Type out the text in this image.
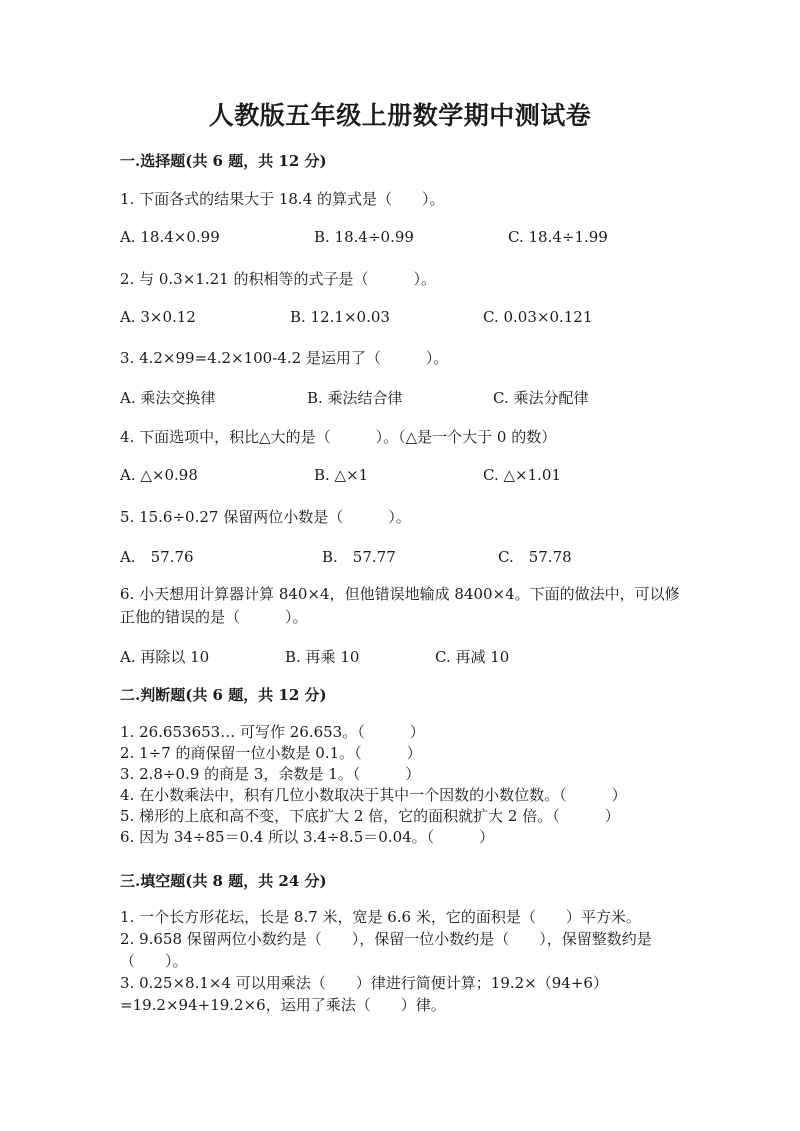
人教版五年级上册数学期中测试卷
一.选择题(共 6 题，共 12 分)
1. 下面各式的结果大于 18.4 的算式是（　　）。
A. 18.4×0.99	B. 18.4÷0.99	C. 18.4÷1.99
2. 与 0.3×1.21 的积相等的式子是（　　　）。
A. 3×0.12	B. 12.1×0.03	C. 0.03×0.121
3. 4.2×99=4.2×100-4.2 是运用了（　　　）。
A. 乘法交换律	B. 乘法结合律	C. 乘法分配律
4. 下面选项中，积比△大的是（　　　）。（△是一个大于 0 的数）
A. △×0.98	B. △×1	C. △×1.01
5. 15.6÷0.27 保留两位小数是（　　　）。
A.　57.76	B.　57.77	C.　57.78
6. 小天想用计算器计算 840×4，但他错误地输成 8400×4。下面的做法中，可以修正他的错误的是（　　　）。
A. 再除以 10	B. 再乘 10	C. 再减 10
二.判断题(共 6 题，共 12 分)
1. 26.653653… 可写作 26.653。（　　　）
2. 1÷7 的商保留一位小数是 0.1。（　　　）
3. 2.8÷0.9 的商是 3，余数是 1。（　　　）
4. 在小数乘法中，积有几位小数取决于其中一个因数的小数位数。（　　　）
5. 梯形的上底和高不变，下底扩大 2 倍，它的面积就扩大 2 倍。（　　　）
6. 因为 34÷85＝0.4 所以 3.4÷8.5＝0.04。（　　　）
三.填空题(共 8 题，共 24 分)
1. 一个长方形花坛，长是 8.7 米，宽是 6.6 米，它的面积是（　　）平方米。
2. 9.658 保留两位小数约是（　　），保留一位小数约是（　　），保留整数约是（　　）。
3. 0.25×8.1×4 可以用乘法（　　）律进行简便计算；19.2×（94+6）=19.2×94+19.2×6，运用了乘法（　　）律。
